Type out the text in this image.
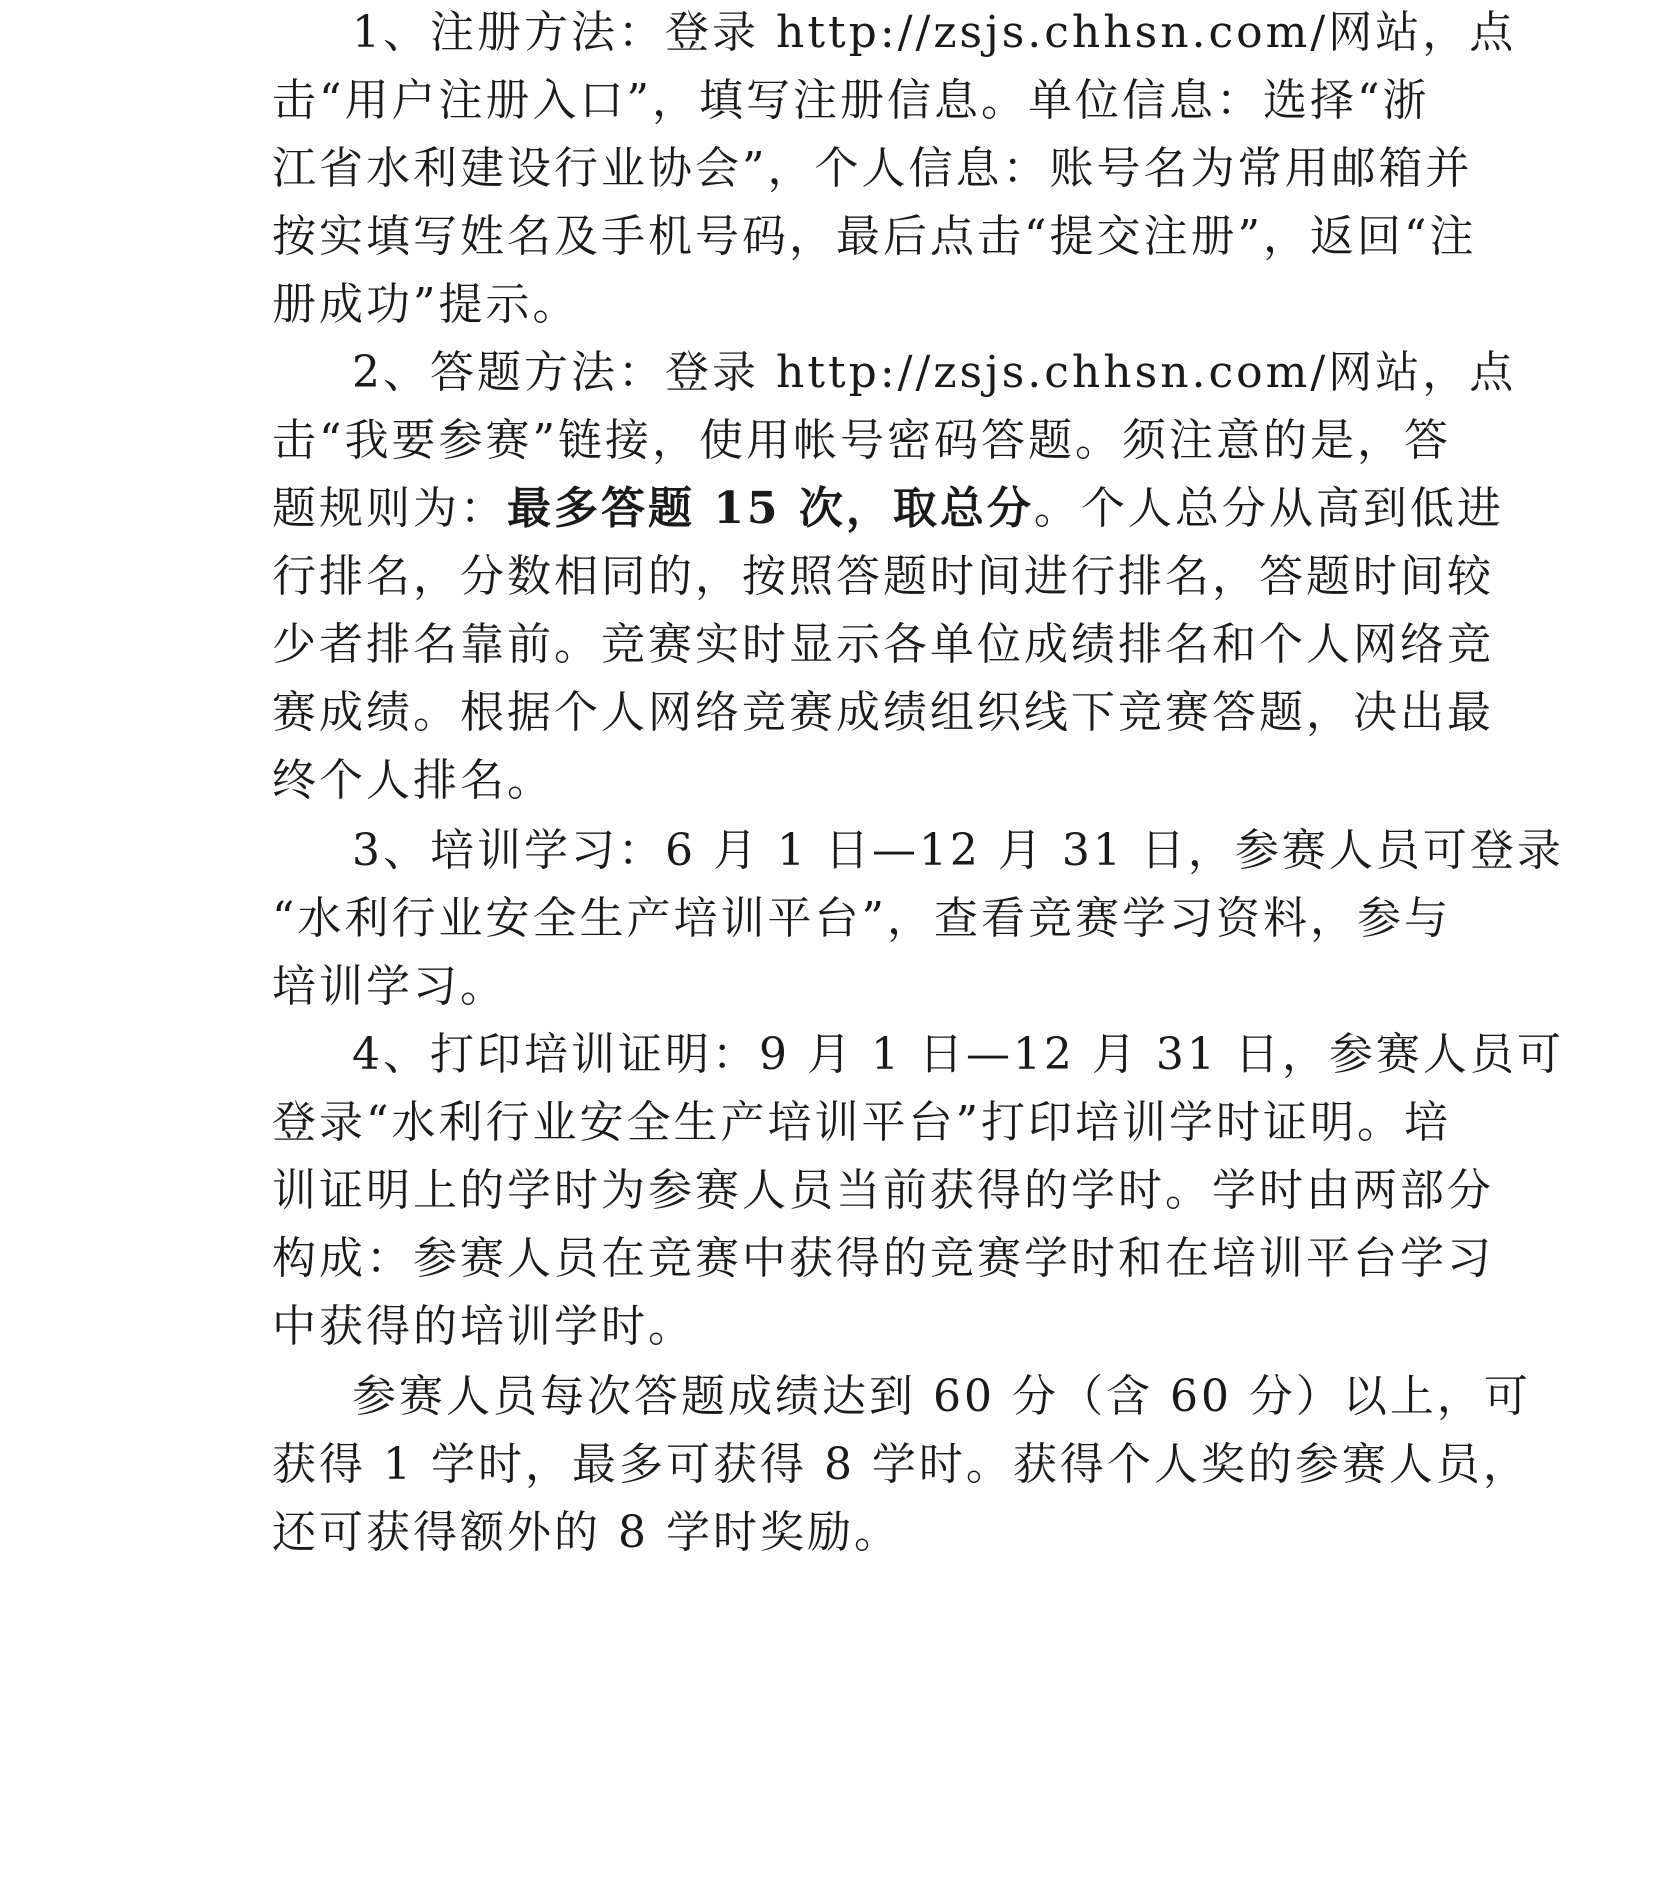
1、注册方法：登录 http://zsjs.chhsn.com/网站，点
击“用户注册入口”，填写注册信息。单位信息：选择“浙
江省水利建设行业协会”，个人信息：账号名为常用邮箱并
按实填写姓名及手机号码，最后点击“提交注册”，返回“注
册成功”提示。
2、答题方法：登录 http://zsjs.chhsn.com/网站，点
击“我要参赛”链接，使用帐号密码答题。须注意的是，答
题规则为：最多答题 15 次，取总分。个人总分从高到低进
行排名，分数相同的，按照答题时间进行排名，答题时间较
少者排名靠前。竞赛实时显示各单位成绩排名和个人网络竞
赛成绩。根据个人网络竞赛成绩组织线下竞赛答题，决出最
终个人排名。
3、培训学习：6 月 1 日—12 月 31 日，参赛人员可登录
“水利行业安全生产培训平台”，查看竞赛学习资料，参与
培训学习。
4、打印培训证明：9 月 1 日—12 月 31 日，参赛人员可
登录“水利行业安全生产培训平台”打印培训学时证明。培
训证明上的学时为参赛人员当前获得的学时。学时由两部分
构成：参赛人员在竞赛中获得的竞赛学时和在培训平台学习
中获得的培训学时。
参赛人员每次答题成绩达到 60 分（含 60 分）以上，可
获得 1 学时，最多可获得 8 学时。获得个人奖的参赛人员，
还可获得额外的 8 学时奖励。
